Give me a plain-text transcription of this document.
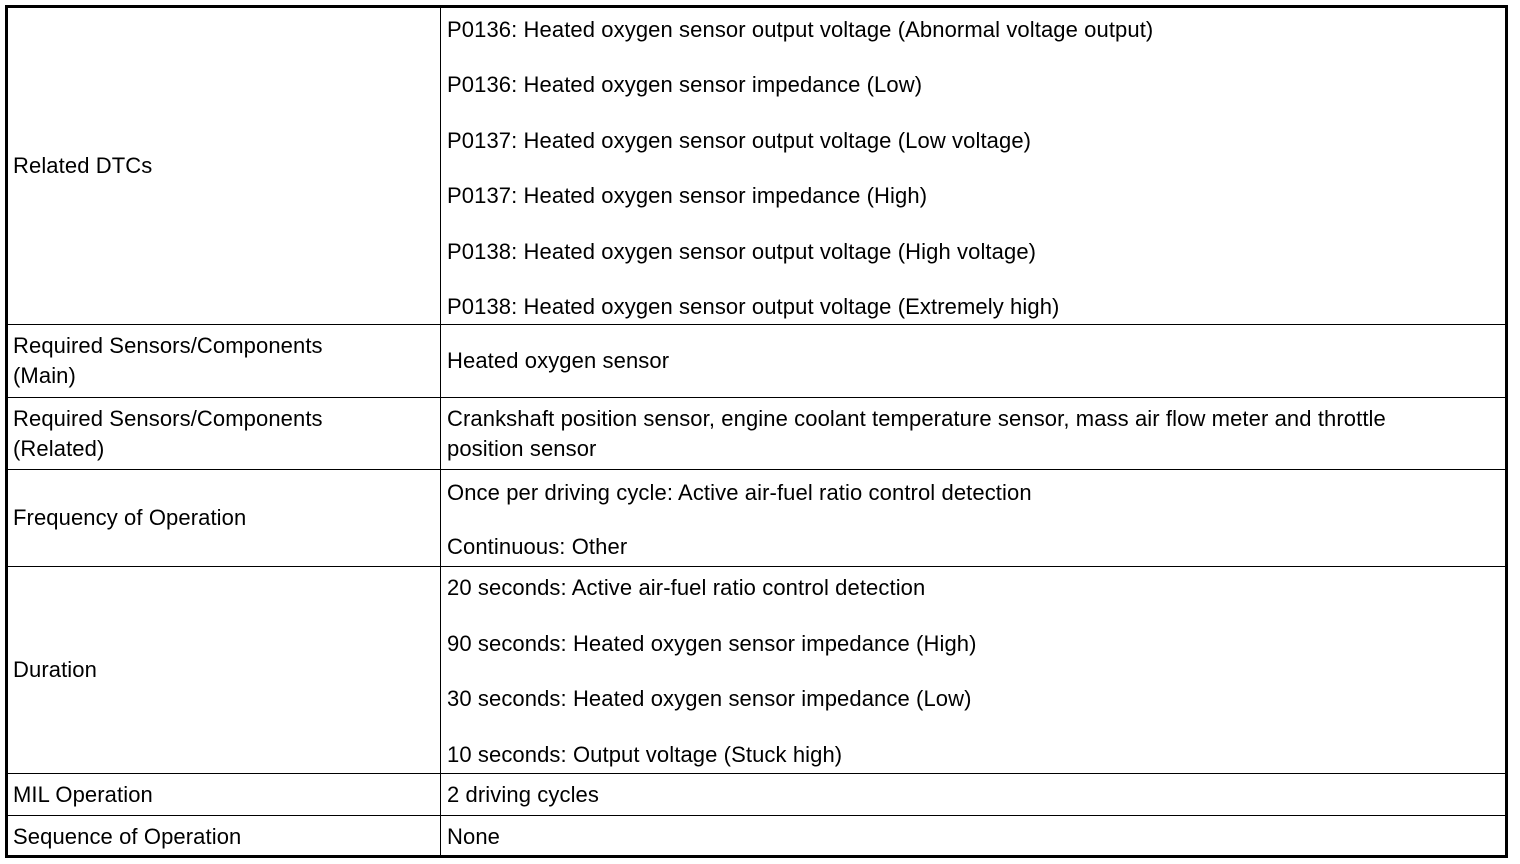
Related DTCs
P0136: Heated oxygen sensor output voltage (Abnormal voltage output)
P0136: Heated oxygen sensor impedance (Low)
P0137: Heated oxygen sensor output voltage (Low voltage)
P0137: Heated oxygen sensor impedance (High)
P0138: Heated oxygen sensor output voltage (High voltage)
P0138: Heated oxygen sensor output voltage (Extremely high)
Required Sensors/Components (Main)
Heated oxygen sensor
Required Sensors/Components (Related)
Crankshaft position sensor, engine coolant temperature sensor, mass air flow meter and throttle position sensor
Frequency of Operation
Once per driving cycle: Active air-fuel ratio control detection
Continuous: Other
Duration
20 seconds: Active air-fuel ratio control detection
90 seconds: Heated oxygen sensor impedance (High)
30 seconds: Heated oxygen sensor impedance (Low)
10 seconds: Output voltage (Stuck high)
MIL Operation	2 driving cycles
Sequence of Operation	None
